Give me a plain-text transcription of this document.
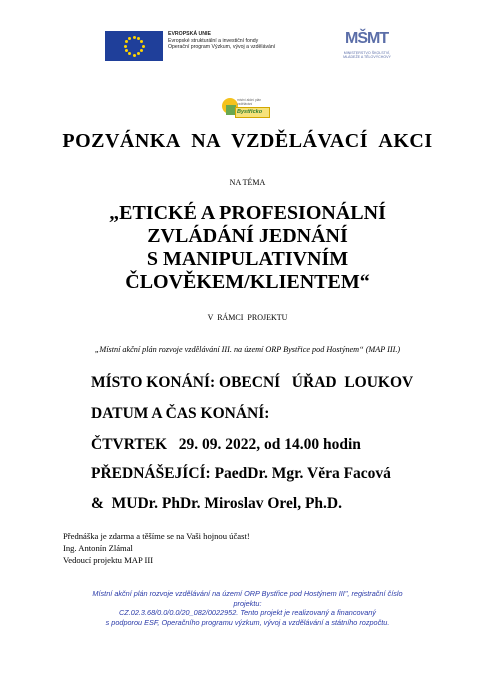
EVROPSKÁ UNIE
Evropské strukturální a investiční fondy
Operační program Výzkum, vývoj a vzdělávání
MŠMT
MINISTERSTVO ŠKOLSTVÍ,
MLÁDEŽE A TĚLOVÝCHOVY
místní akční plán
vzdělávání
Bystřicko
POZVÁNKA NA VZDĚLÁVACÍ AKCI
NA TÉMA
„ETICKÉ A PROFESIONÁLNÍ
ZVLÁDÁNÍ JEDNÁNÍ
S MANIPULATIVNÍM
ČLOVĚKEM/KLIENTEM“
V RÁMCI PROJEKTU
„Místní akční plán rozvoje vzdělávání III. na území ORP Bystřice pod Hostýnem“ (MAP III.)
MÍSTO KONÁNÍ: OBECNÍ   ÚŘAD  LOUKOV
DATUM A ČAS KONÁNÍ:
ČTVRTEK   29. 09. 2022, od 14.00 hodin
PŘEDNÁŠEJÍCÍ: PaedDr. Mgr. Věra Facová
&  MUDr. PhDr. Miroslav Orel, Ph.D.
Přednáška je zdarma a těšíme se na Vaši hojnou účast!
Ing. Antonín Zlámal
Vedoucí projektu MAP III
Místní akční plán rozvoje vzdělávání na území ORP Bystřice pod Hostýnem III", registrační číslo
projektu:
CZ.02.3.68/0.0/0.0/20_082/0022952. Tento projekt je realizovaný a financovaný
s podporou ESF, Operačního programu výzkum, vývoj a vzdělávání a státního rozpočtu.
